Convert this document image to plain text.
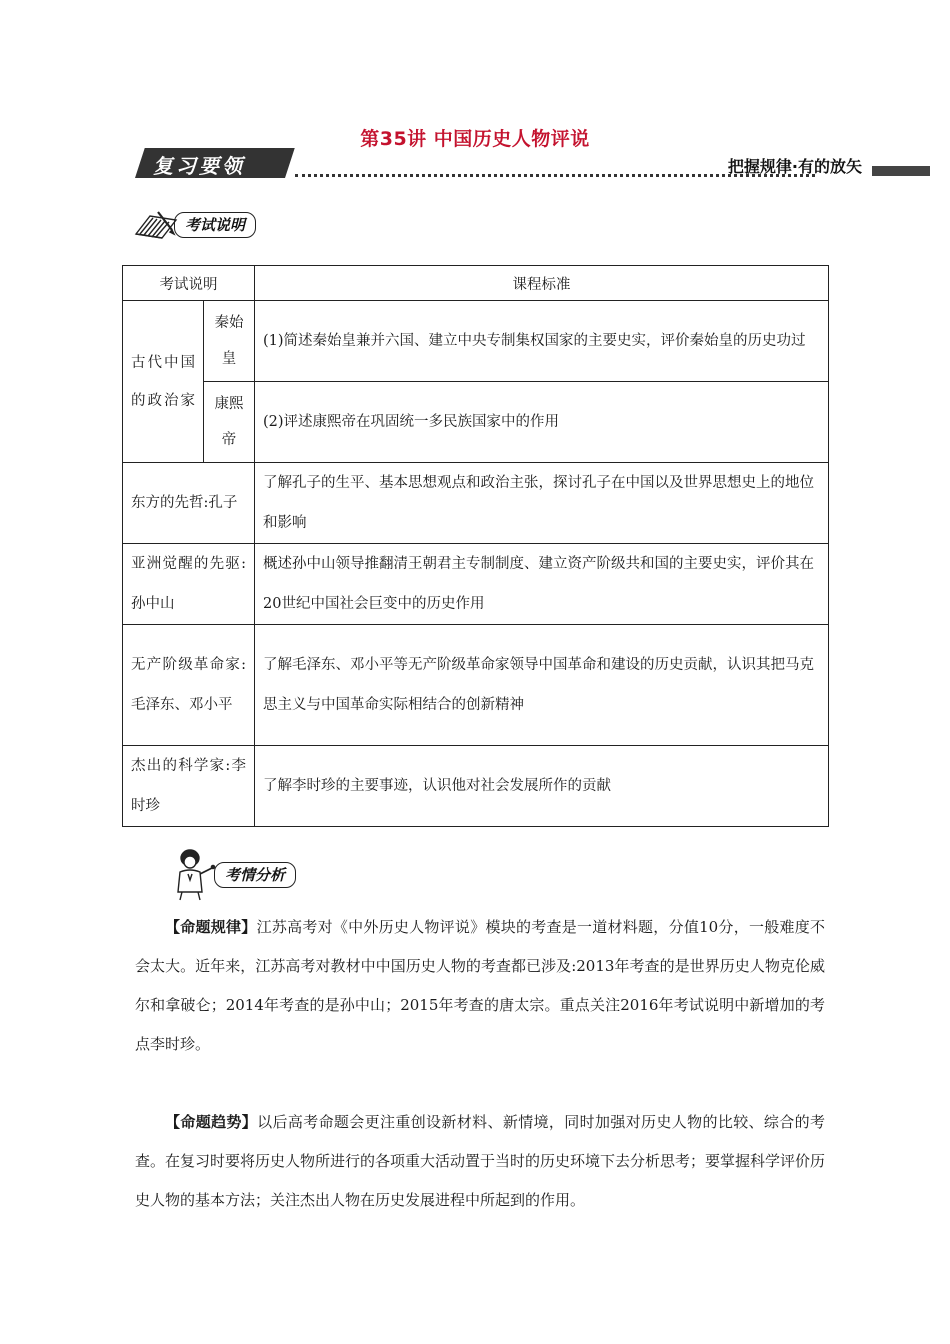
第35讲 中国历史人物评说
复习要领	把握规律·有的放矢
考试说明
考试说明		课程标准
古代中国的政治家	秦始皇	(1)简述秦始皇兼并六国、建立中央专制集权国家的主要史实，评价秦始皇的历史功过
	康熙帝	(2)评述康熙帝在巩固统一多民族国家中的作用
东方的先哲:孔子		了解孔子的生平、基本思想观点和政治主张，探讨孔子在中国以及世界思想史上的地位和影响
亚洲觉醒的先驱:孙中山		概述孙中山领导推翻清王朝君主专制制度、建立资产阶级共和国的主要史实，评价其在20世纪中国社会巨变中的历史作用
无产阶级革命家:毛泽东、邓小平		了解毛泽东、邓小平等无产阶级革命家领导中国革命和建设的历史贡献，认识其把马克思主义与中国革命实际相结合的创新精神
杰出的科学家:李时珍		了解李时珍的主要事迹，认识他对社会发展所作的贡献
考情分析
【命题规律】江苏高考对《中外历史人物评说》模块的考查是一道材料题，分值10分，一般难度不会太大。近年来，江苏高考对教材中中国历史人物的考查都已涉及:2013年考查的是世界历史人物克伦威尔和拿破仑；2014年考查的是孙中山；2015年考查的唐太宗。重点关注2016年考试说明中新增加的考点李时珍。
【命题趋势】以后高考命题会更注重创设新材料、新情境，同时加强对历史人物的比较、综合的考查。在复习时要将历史人物所进行的各项重大活动置于当时的历史环境下去分析思考；要掌握科学评价历史人物的基本方法；关注杰出人物在历史发展进程中所起到的作用。
